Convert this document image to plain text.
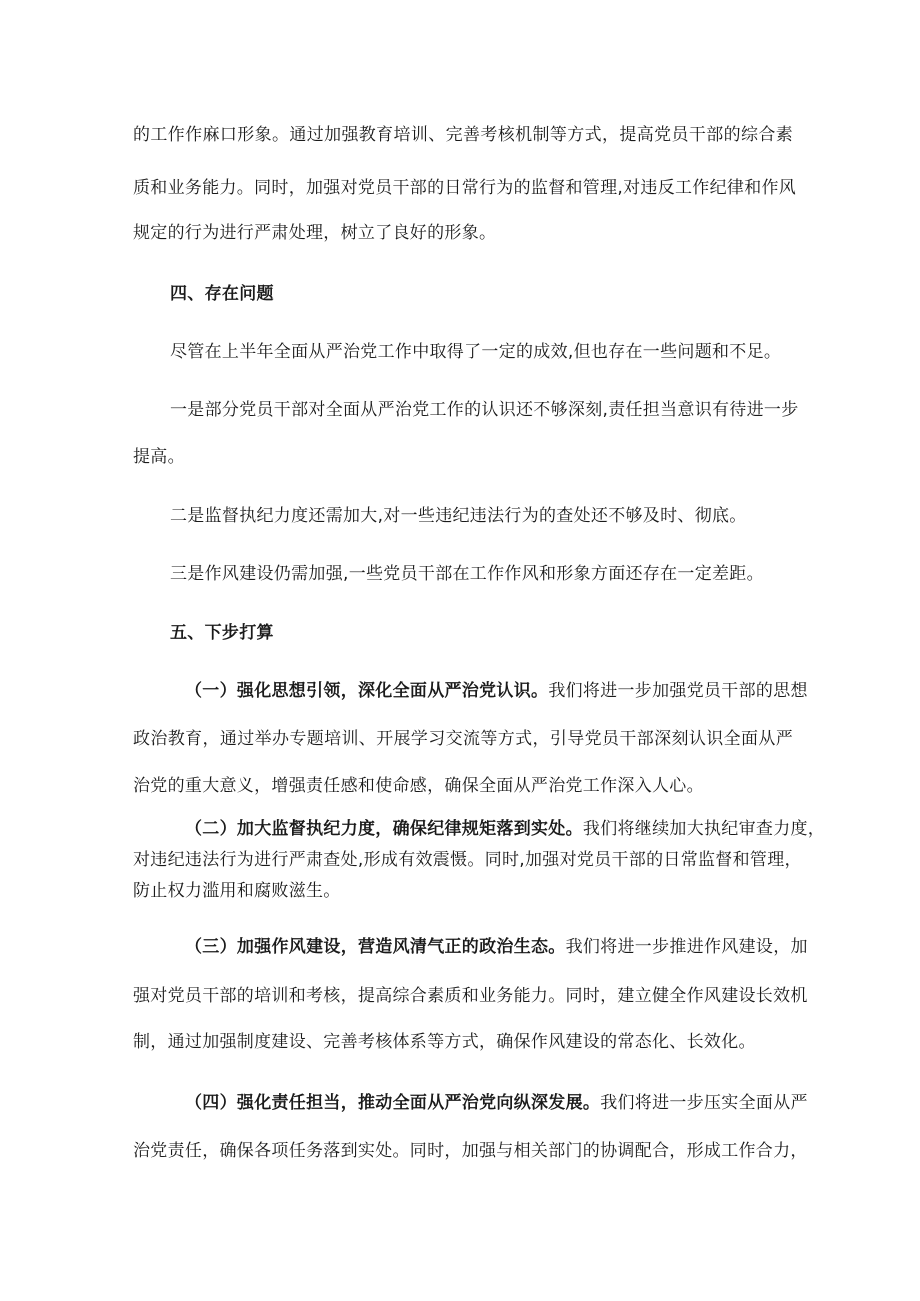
的工作作麻口形象。通过加强教育培训、完善考核机制等方式，提高党员干部的综合素
质和业务能力。同时，加强对党员干部的日常行为的监督和管理,对违反工作纪律和作风
规定的行为进行严肃处理，树立了良好的形象。
四、存在问题
尽管在上半年全面从严治党工作中取得了一定的成效,但也存在一些问题和不足。
一是部分党员干部对全面从严治党工作的认识还不够深刻,责任担当意识有待进一步
提高。
二是监督执纪力度还需加大,对一些违纪违法行为的查处还不够及时、彻底。
三是作风建设仍需加强,一些党员干部在工作作风和形象方面还存在一定差距。
五、下步打算
（一）强化思想引领，深化全面从严治党认识。我们将进一步加强党员干部的思想
政治教育，通过举办专题培训、开展学习交流等方式，引导党员干部深刻认识全面从严
治党的重大意义，增强责任感和使命感，确保全面从严治党工作深入人心。
（二）加大监督执纪力度，确保纪律规矩落到实处。我们将继续加大执纪审查力度，
对违纪违法行为进行严肃查处,形成有效震慑。同时,加强对党员干部的日常监督和管理，
防止权力滥用和腐败滋生。
（三）加强作风建设，营造风清气正的政治生态。我们将进一步推进作风建设，加
强对党员干部的培训和考核，提高综合素质和业务能力。同时，建立健全作风建设长效机
制，通过加强制度建设、完善考核体系等方式，确保作风建设的常态化、长效化。
（四）强化责任担当，推动全面从严治党向纵深发展。我们将进一步压实全面从严
治党责任，确保各项任务落到实处。同时，加强与相关部门的协调配合，形成工作合力，
